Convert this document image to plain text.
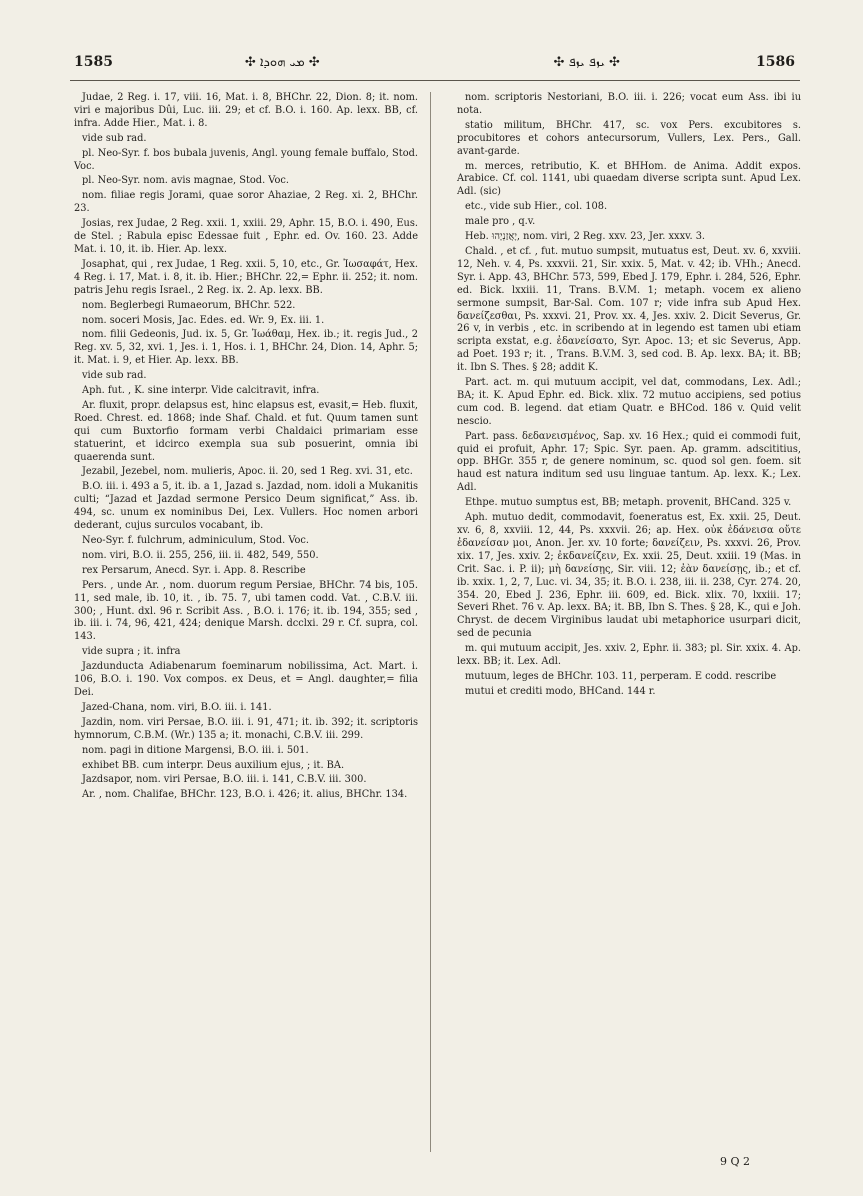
1585	✣ ܡܝ ܗܘܕܐ ✣	✣ ܝܙܦ ܝܙܦ ✣	1586

Judae, 2 Reg. i. 17, viii. 16, Mat. i. 8, BHChr. 22, Dion. 8; it. nom. viri e majoribus Dûi, Luc. iii. 29; et cf. B.O. i. 160. Ap. lexx. BB, cf. infra. Adde Hier., Mat. i. 8.

vide sub rad.

pl. Neo-Syr. f. bos bubala juvenis, Angl. young female buffalo, Stod. Voc.

pl. Neo-Syr. nom. avis magnae, Stod. Voc.

nom. filiae regis Jorami, quae soror Ahaziae, 2 Reg. xi. 2, BHChr. 23.

Josias, rex Judae, 2 Reg. xxii. 1, xxiii. 29, Aphr. 15, B.O. i. 490, Eus. de Stel. ; Rabula episc Edessae fuit , Ephr. ed. Ov. 160. 23. Adde Mat. i. 10, it. ib. Hier. Ap. lexx.

Josaphat, qui , rex Judae, 1 Reg. xxii. 5, 10, etc., Gr. Ἰωσαφάτ, Hex. 4 Reg. i. 17, Mat. i. 8, it. ib. Hier.; BHChr. 22,= Ephr. ii. 252; it. nom. patris Jehu regis Israel., 2 Reg. ix. 2. Ap. lexx. BB.

nom. Beglerbegi Rumaeorum, BHChr. 522.

nom. soceri Mosis, Jac. Edes. ed. Wr. 9, Ex. iii. 1.

nom. filii Gedeonis, Jud. ix. 5, Gr. Ἰωάθαμ, Hex. ib.; it. regis Jud., 2 Reg. xv. 5, 32, xvi. 1, Jes. i. 1, Hos. i. 1, BHChr. 24, Dion. 14, Aphr. 5; it. Mat. i. 9, et Hier. Ap. lexx. BB.

vide sub rad.

Aph. fut. , K. sine interpr. Vide calcitravit, infra.

Ar. fluxit, propr. delapsus est, hinc elapsus est, evasit,= Heb. fluxit, Roed. Chrest. ed. 1868; inde Shaf. Chald. et fut. Quum tamen sunt qui cum Buxtorfio formam verbi Chaldaici primariam esse statuerint, et idcirco exempla sua sub posuerint, omnia ibi quaerenda sunt.

Jezabil, Jezebel, nom. mulieris, Apoc. ii. 20, sed 1 Reg. xvi. 31, etc.

B.O. iii. i. 493 a 5, it. ib. a 1, Jazad s. Jazdad, nom. idoli a Mukanitis culti; “Jazad et Jazdad sermone Persico Deum significat,” Ass. ib. 494, sc. unum ex nominibus Dei, Lex. Vullers. Hoc nomen arbori dederant, cujus surculos vocabant, ib.

Neo-Syr. f. fulchrum, adminiculum, Stod. Voc.

nom. viri, B.O. ii. 255, 256, iii. ii. 482, 549, 550.

rex Persarum, Anecd. Syr. i. App. 8. Rescribe

Pers. , unde Ar. , nom. duorum regum Persiae, BHChr. 74 bis, 105. 11, sed male, ib. 10, it. , ib. 75. 7, ubi tamen codd. Vat. , C.B.V. iii. 300; , Hunt. dxl. 96 r. Scribit Ass. , B.O. i. 176; it. ib. 194, 355; sed , ib. iii. i. 74, 96, 421, 424; denique Marsh. dcclxi. 29 r. Cf. supra, col. 143.

vide supra ; it. infra

Jazdunducta Adiabenarum foeminarum nobilissima, Act. Mart. i. 106, B.O. i. 190. Vox compos. ex Deus, et = Angl. daughter,= filia Dei.

Jazed-Chana, nom. viri, B.O. iii. i. 141.

Jazdin, nom. viri Persae, B.O. iii. i. 91, 471; it. ib. 392; it. scriptoris hymnorum, C.B.M. (Wr.) 135 a; it. monachi, C.B.V. iii. 299.

nom. pagi in ditione Margensi, B.O. iii. i. 501.

exhibet BB. cum interpr. Deus auxilium ejus, ; it. BA.

Jazdsapor, nom. viri Persae, B.O. iii. i. 141, C.B.V. iii. 300.

Ar. , nom. Chalifae, BHChr. 123, B.O. i. 426; it. alius, BHChr. 134.

nom. scriptoris Nestoriani, B.O. iii. i. 226; vocat eum Ass. ibi iu nota.

statio militum, BHChr. 417, sc. vox Pers. excubitores s. procubitores et cohors antecursorum, Vullers, Lex. Pers., Gall. avant-garde.

m. merces, retributio, K. et BHHom. de Anima. Addit expos. Arabice. Cf. col. 1141, ubi quaedam diverse scripta sunt. Apud Lex. Adl. (sic)

etc., vide sub Hier., col. 108.

male pro , q.v.

Heb. יָאֲזַנְיָהוּ, nom. viri, 2 Reg. xxv. 23, Jer. xxxv. 3.

Chald. , et cf. , fut. mutuo sumpsit, mutuatus est, Deut. xv. 6, xxviii. 12, Neh. v. 4, Ps. xxxvii. 21, Sir. xxix. 5, Mat. v. 42; ib. VHh.; Anecd. Syr. i. App. 43, BHChr. 573, 599, Ebed J. 179, Ephr. i. 284, 526, Ephr. ed. Bick. lxxiii. 11, Trans. B.V.M. 1; metaph. vocem ex alieno sermone sumpsit, Bar-Sal. Com. 107 r; vide infra sub Apud Hex. δανείζεσθαι, Ps. xxxvi. 21, Prov. xx. 4, Jes. xxiv. 2. Dicit Severus, Gr. 26 v, in verbis , etc. in scribendo at in legendo est tamen ubi etiam scripta exstat, e.g. ἐδανείσατο, Syr. Apoc. 13; et sic Severus, App. ad Poet. 193 r; it. , Trans. B.V.M. 3, sed cod. B. Ap. lexx. BA; it. BB; it. Ibn S. Thes. § 28; addit K.

Part. act. m. qui mutuum accipit, vel dat, commodans, Lex. Adl.; BA; it. K. Apud Ephr. ed. Bick. xlix. 72 mutuo accipiens, sed potius cum cod. B. legend. dat etiam Quatr. e BHCod. 186 v. Quid velit nescio.

Part. pass. δεδανεισμένος, Sap. xv. 16 Hex.; quid ei commodi fuit, quid ei profuit, Aphr. 17; Spic. Syr. paen. Ap. gramm. adscititius, opp. BHGr. 355 r, de genere nominum, sc. quod sol gen. foem. sit haud est natura inditum sed usu linguae tantum. Ap. lexx. K.; Lex. Adl.

Ethpe. mutuo sumptus est, BB; metaph. provenit, BHCand. 325 v.

Aph. mutuo dedit, commodavit, foeneratus est, Ex. xxii. 25, Deut. xv. 6, 8, xxviii. 12, 44, Ps. xxxvii. 26; ap. Hex. οὐκ ἐδάνεισα οὔτε ἐδανείσαν μοι, Anon. Jer. xv. 10 forte; δανείζειν, Ps. xxxvi. 26, Prov. xix. 17, Jes. xxiv. 2; ἐκδανείζειν, Ex. xxii. 25, Deut. xxiii. 19 (Mas. in Crit. Sac. i. P. ii); μὴ δανείσῃς, Sir. viii. 12; ἐὰν δανείσῃς, ib.; et cf. ib. xxix. 1, 2, 7, Luc. vi. 34, 35; it. B.O. i. 238, iii. ii. 238, Cyr. 274. 20, 354. 20, Ebed J. 236, Ephr. iii. 609, ed. Bick. xlix. 70, lxxiii. 17; Severi Rhet. 76 v. Ap. lexx. BA; it. BB, Ibn S. Thes. § 28, K., qui e Joh. Chryst. de decem Virginibus laudat ubi metaphorice usurpari dicit, sed de pecunia

m. qui mutuum accipit, Jes. xxiv. 2, Ephr. ii. 383; pl. Sir. xxix. 4. Ap. lexx. BB; it. Lex. Adl.

mutuum, leges de BHChr. 103. 11, perperam. E codd. rescribe

mutui et crediti modo, BHCand. 144 r.

9 Q 2
